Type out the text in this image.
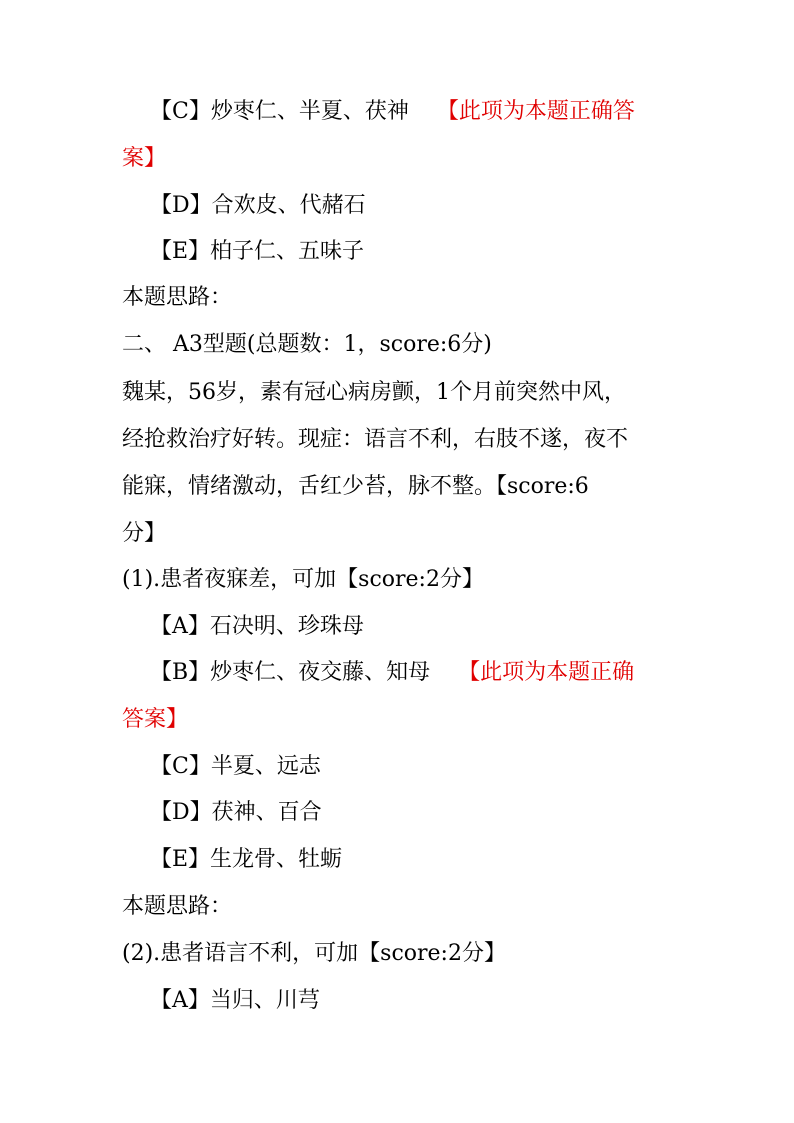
【C】炒枣仁、半夏、茯神 【此项为本题正确答
案】
【D】合欢皮、代赭石
【E】柏子仁、五味子
本题思路：
二、 A3型题(总题数：1，score:6分)
魏某，56岁，素有冠心病房颤，1个月前突然中风，
经抢救治疗好转。现症：语言不利，右肢不遂，夜不
能寐，情绪激动，舌红少苔，脉不整。【score:6
分】
(1).患者夜寐差，可加【score:2分】
【A】石决明、珍珠母
【B】炒枣仁、夜交藤、知母 【此项为本题正确
答案】
【C】半夏、远志
【D】茯神、百合
【E】生龙骨、牡蛎
本题思路：
(2).患者语言不利，可加【score:2分】
【A】当归、川芎
